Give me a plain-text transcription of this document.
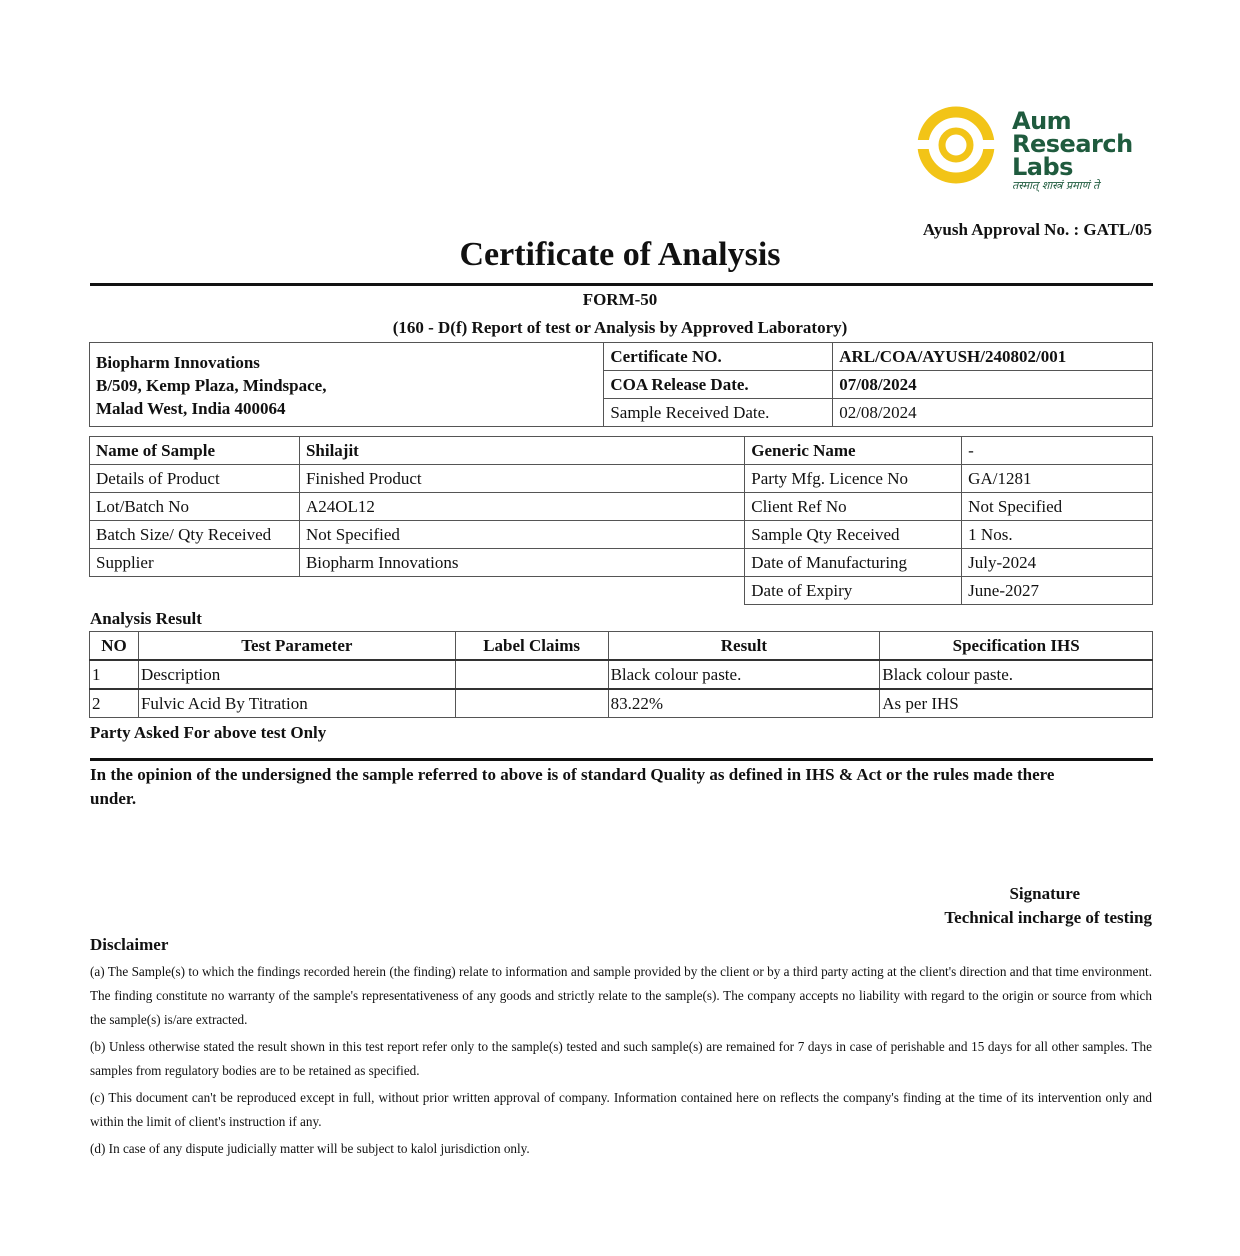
Aum
Research
Labs
तस्मात् शास्त्रं प्रमाणं ते
Ayush Approval No. : GATL/05
Certificate of Analysis
FORM-50
(160 - D(f) Report of test or Analysis by Approved Laboratory)
Biopharm Innovations
B/509, Kemp Plaza, Mindspace,
Malad West, India 400064	Certificate NO.	ARL/COA/AYUSH/240802/001
	COA Release Date.	07/08/2024
	Sample Received Date.	02/08/2024
Name of Sample	Shilajit	Generic Name	-
Details of Product	Finished Product	Party Mfg. Licence No	GA/1281
Lot/Batch No	A24OL12	Client Ref No	Not Specified
Batch Size/ Qty Received	Not Specified	Sample Qty Received	1 Nos.
Supplier	Biopharm Innovations	Date of Manufacturing	July-2024
		Date of Expiry	June-2027
Analysis Result
NO	Test Parameter	Label Claims	Result	Specification IHS
1	Description		Black colour paste.	Black colour paste.
2	Fulvic Acid By Titration		83.22%	As per IHS
Party Asked For above test Only
In the opinion of the undersigned the sample referred to above is of standard Quality as defined in IHS & Act or the rules made there under.
Signature
Technical incharge of testing
Disclaimer
(a) The Sample(s) to which the findings recorded herein (the finding) relate to information and sample provided by the client or by a third party acting at the client's direction and that time environment. The finding constitute no warranty of the sample's representativeness of any goods and strictly relate to the sample(s). The company accepts no liability with regard to the origin or source from which the sample(s) is/are extracted.
(b) Unless otherwise stated the result shown in this test report refer only to the sample(s) tested and such sample(s) are remained for 7 days in case of perishable and 15 days for all other samples. The samples from regulatory bodies are to be retained as specified.
(c) This document can't be reproduced except in full, without prior written approval of company. Information contained here on reflects the company's finding at the time of its intervention only and within the limit of client's instruction if any.
(d) In case of any dispute judicially matter will be subject to kalol jurisdiction only.
